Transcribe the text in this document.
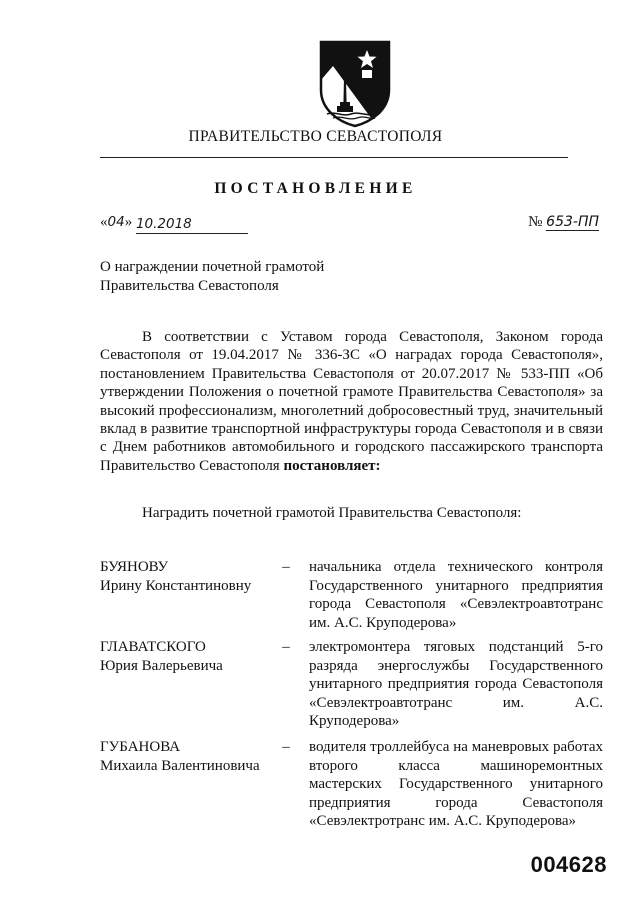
ПРАВИТЕЛЬСТВО СЕВАСТОПОЛЯ
ПОСТАНОВЛЕНИЕ
«04» 10.2018	№ 653-ПП
О награждении почетной грамотой
Правительства Севастополя
В соответствии с Уставом города Севастополя, Законом города Севастополя от 19.04.2017 № 336-ЗС «О наградах города Севастополя», постановлением Правительства Севастополя от 20.07.2017 № 533-ПП «Об утверждении Положения о почетной грамоте Правительства Севастополя» за высокий профессионализм, многолетний добросовестный труд, значительный вклад в развитие транспортной инфраструктуры города Севастополя и в связи с Днем работников автомобильного и городского пассажирского транспорта Правительство Севастополя постановляет:
Наградить почетной грамотой Правительства Севастополя:
БУЯНОВУ
Ирину Константиновну
– начальника отдела технического контроля Государственного унитарного предприятия города Севастополя «Севэлектроавтотранс им. А.С. Круподерова»
ГЛАВАТСКОГО
Юрия Валерьевича
– электромонтера тяговых подстанций 5-го разряда энергослужбы Государственного унитарного предприятия города Севастополя «Севэлектроавтотранс им. А.С. Круподерова»
ГУБАНОВА
Михаила Валентиновича
– водителя троллейбуса на маневровых работах второго класса машиноремонтных мастерских Государственного унитарного предприятия города Севастополя «Севэлектротранс им. А.С. Круподерова»
004628
